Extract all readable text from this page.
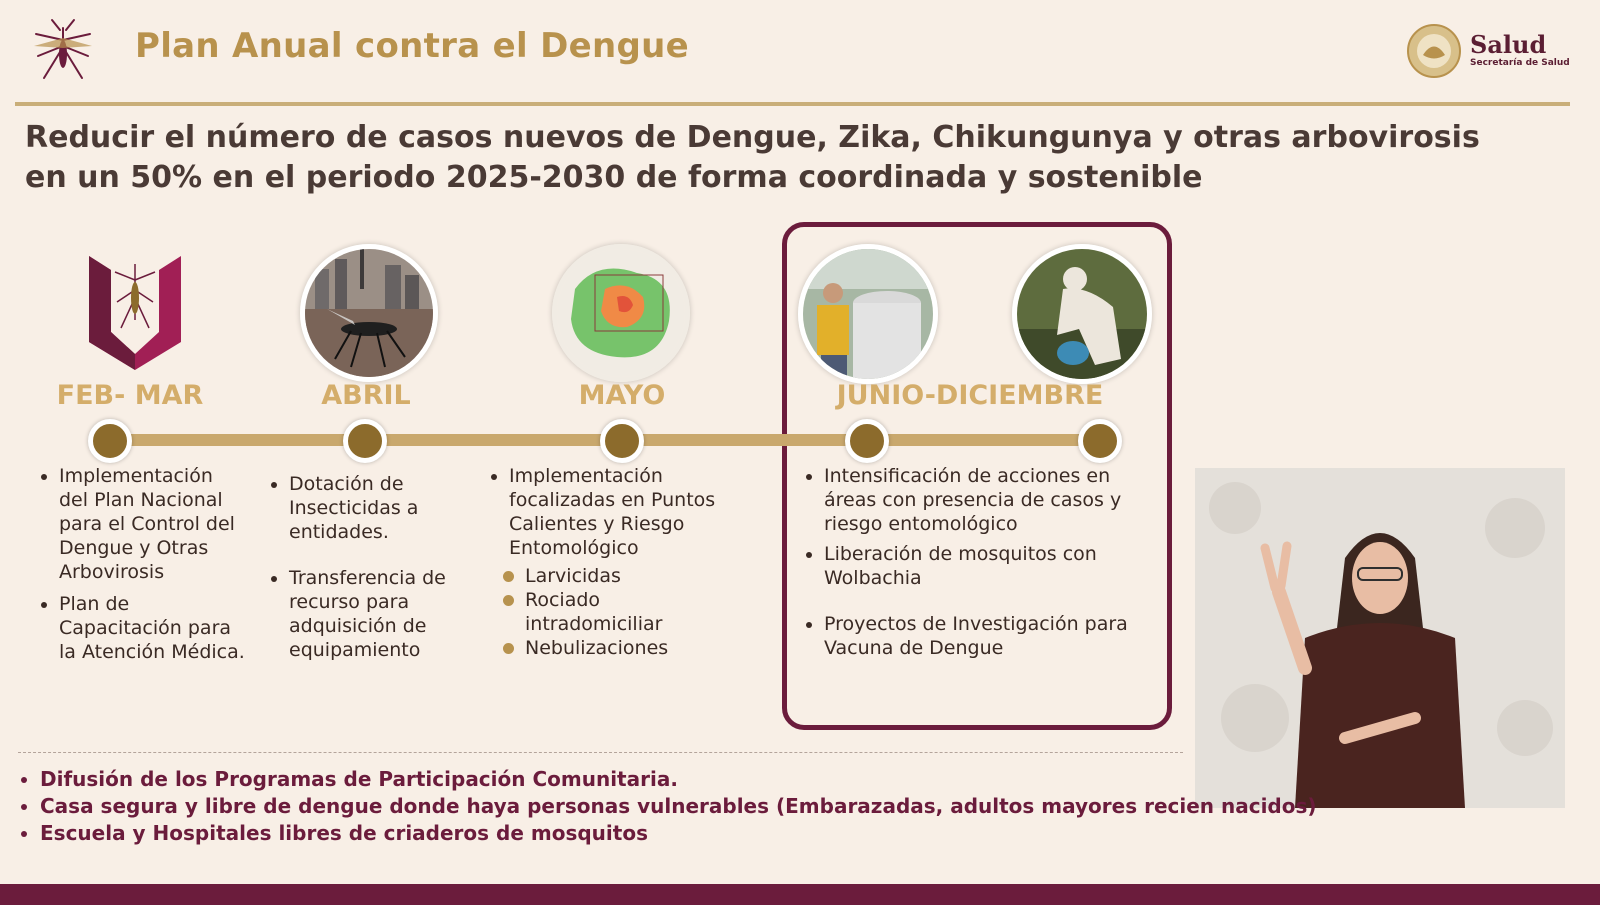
Plan Anual contra el Dengue	Salud
Secretaría de Salud
Reducir el número de casos nuevos de Dengue, Zika, Chikungunya y otras arbovirosis
en un 50% en el periodo 2025-2030 de forma coordinada y sostenible
FEB- MAR	ABRIL	MAYO	JUNIO-DICIEMBRE
• Implementación del Plan Nacional para el Control del Dengue y Otras Arbovirosis
• Plan de Capacitación para la Atención Médica.
• Dotación de Insecticidas a entidades.
• Transferencia de recurso para adquisición de equipamiento
• Implementación focalizadas en Puntos Calientes y Riesgo Entomológico
Larvicidas
Rociado intradomiciliar
Nebulizaciones
• Intensificación de acciones en áreas con presencia de casos y riesgo entomológico
• Liberación de mosquitos con Wolbachia
• Proyectos de Investigación para Vacuna de Dengue
• Difusión de los Programas de Participación Comunitaria.
• Casa segura y libre de dengue donde haya personas vulnerables (Embarazadas, adultos mayores recien nacidos)
• Escuela y Hospitales libres de criaderos de mosquitos
